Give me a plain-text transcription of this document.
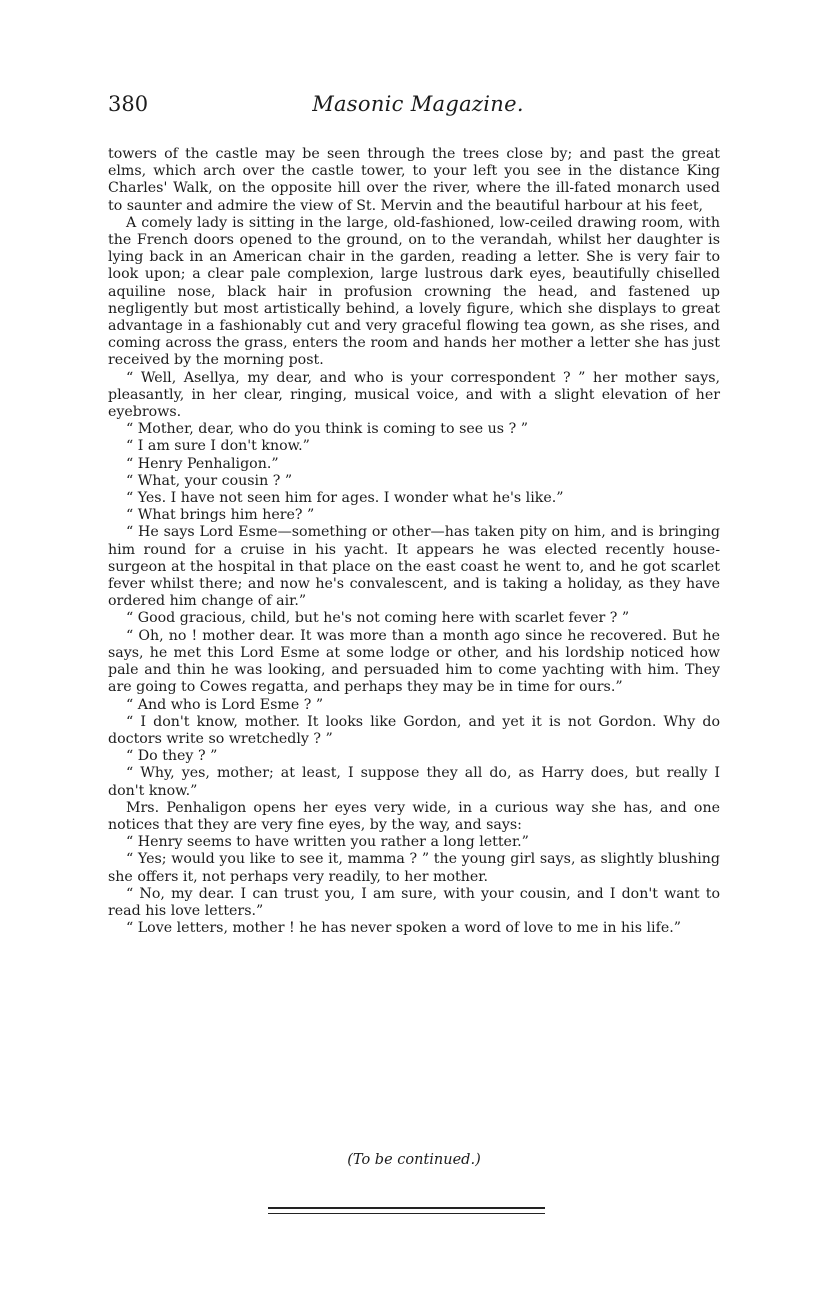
380	Masonic Magazine.

towers of the castle may be seen through the trees close by; and past the great elms, which arch over the castle tower, to your left you see in the distance King Charles' Walk, on the opposite hill over the river, where the ill-fated monarch used to saunter and admire the view of St. Mervin and the beautiful harbour at his feet,

A comely lady is sitting in the large, old-fashioned, low-ceiled drawing room, with the French doors opened to the ground, on to the verandah, whilst her daughter is lying back in an American chair in the garden, reading a letter. She is very fair to look upon; a clear pale complexion, large lustrous dark eyes, beautifully chiselled aquiline nose, black hair in profusion crowning the head, and fastened up negligently but most artistically behind, a lovely figure, which she displays to great advantage in a fashionably cut and very graceful flowing tea gown, as she rises, and coming across the grass, enters the room and hands her mother a letter she has just received by the morning post.

“ Well, Asellya, my dear, and who is your correspondent ? ” her mother says, pleasantly, in her clear, ringing, musical voice, and with a slight elevation of her eyebrows.

“ Mother, dear, who do you think is coming to see us ? ”

“ I am sure I don't know.”

“ Henry Penhaligon.”

“ What, your cousin ? ”

“ Yes. I have not seen him for ages. I wonder what he's like.”

“ What brings him here? ”

“ He says Lord Esme—something or other—has taken pity on him, and is bringing him round for a cruise in his yacht. It appears he was elected recently house-surgeon at the hospital in that place on the east coast he went to, and he got scarlet fever whilst there; and now he's convalescent, and is taking a holiday, as they have ordered him change of air.”

“ Good gracious, child, but he's not coming here with scarlet fever ? ”

“ Oh, no ! mother dear. It was more than a month ago since he recovered. But he says, he met this Lord Esme at some lodge or other, and his lordship noticed how pale and thin he was looking, and persuaded him to come yachting with him. They are going to Cowes regatta, and perhaps they may be in time for ours.”

“ And who is Lord Esme ? ”

“ I don't know, mother. It looks like Gordon, and yet it is not Gordon. Why do doctors write so wretchedly ? ”

“ Do they ? ”

“ Why, yes, mother; at least, I suppose they all do, as Harry does, but really I don't know.”

Mrs. Penhaligon opens her eyes very wide, in a curious way she has, and one notices that they are very fine eyes, by the way, and says:

“ Henry seems to have written you rather a long letter.”

“ Yes; would you like to see it, mamma ? ” the young girl says, as slightly blushing she offers it, not perhaps very readily, to her mother.

“ No, my dear. I can trust you, I am sure, with your cousin, and I don't want to read his love letters.”

“ Love letters, mother ! he has never spoken a word of love to me in his life.”

(To be continued.)
